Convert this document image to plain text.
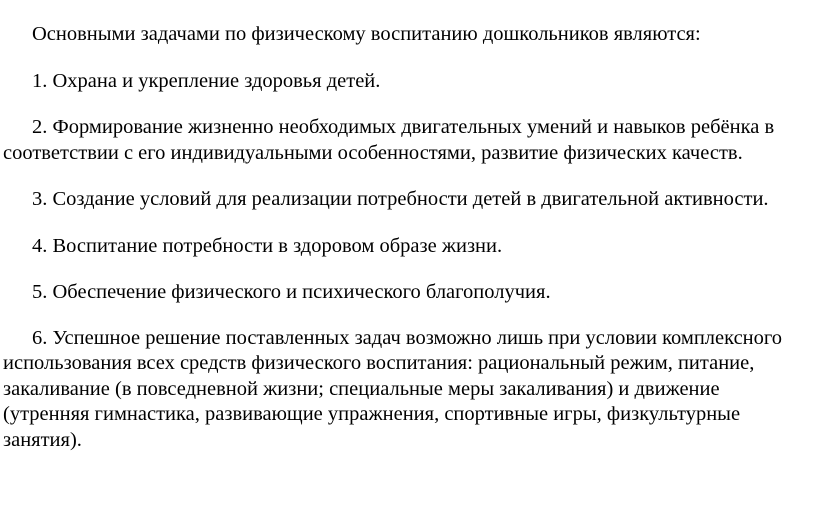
Основными задачами по физическому воспитанию дошкольников являются:

1. Охрана и укрепление здоровья детей.

2. Формирование жизненно необходимых двигательных умений и навыков ребёнка в соответствии с его индивидуальными особенностями, развитие физических качеств.

3. Создание условий для реализации потребности детей в двигательной активности.

4. Воспитание потребности в здоровом образе жизни.

5. Обеспечение физического и психического благополучия.

6. Успешное решение поставленных задач возможно лишь при условии комплексного использования всех средств физического воспитания: рациональный режим, питание, закаливание (в повседневной жизни; специальные меры закаливания) и движение (утренняя гимнастика, развивающие упражнения, спортивные игры, физкультурные занятия).
